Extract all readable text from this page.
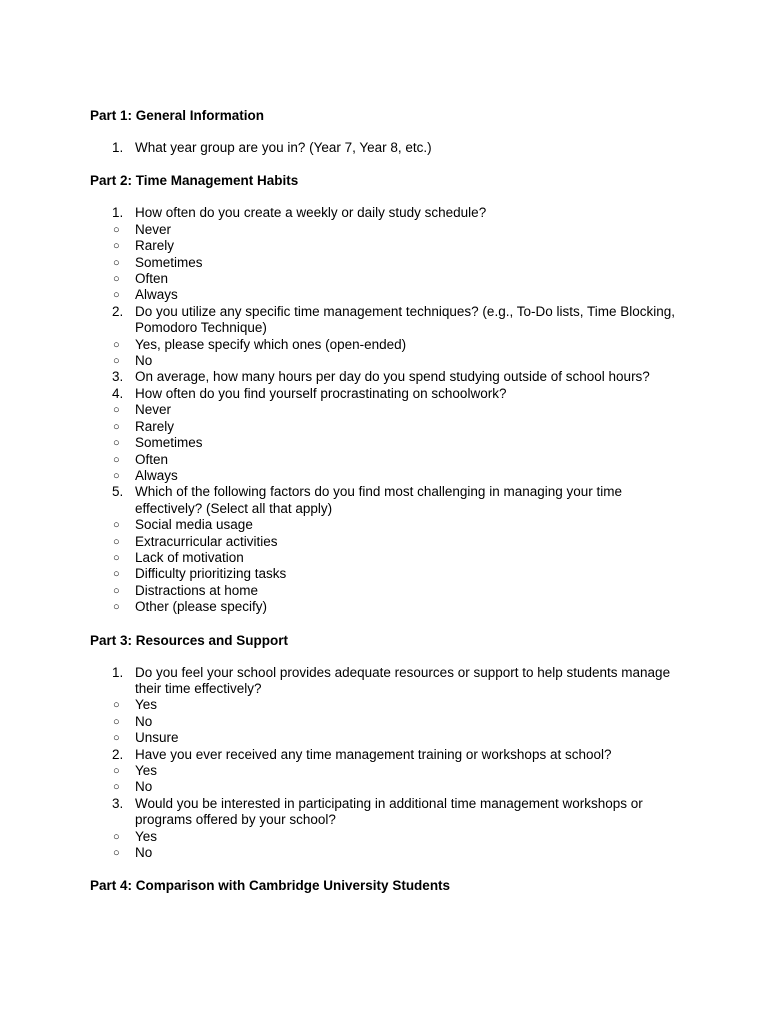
Part 1: General Information
1. What year group are you in? (Year 7, Year 8, etc.)
Part 2: Time Management Habits
1. How often do you create a weekly or daily study schedule?
○ Never
○ Rarely
○ Sometimes
○ Often
○ Always
2. Do you utilize any specific time management techniques? (e.g., To-Do lists, Time Blocking, Pomodoro Technique)
○ Yes, please specify which ones (open-ended)
○ No
3. On average, how many hours per day do you spend studying outside of school hours?
4. How often do you find yourself procrastinating on schoolwork?
○ Never
○ Rarely
○ Sometimes
○ Often
○ Always
5. Which of the following factors do you find most challenging in managing your time effectively? (Select all that apply)
○ Social media usage
○ Extracurricular activities
○ Lack of motivation
○ Difficulty prioritizing tasks
○ Distractions at home
○ Other (please specify)
Part 3: Resources and Support
1. Do you feel your school provides adequate resources or support to help students manage their time effectively?
○ Yes
○ No
○ Unsure
2. Have you ever received any time management training or workshops at school?
○ Yes
○ No
3. Would you be interested in participating in additional time management workshops or programs offered by your school?
○ Yes
○ No
Part 4: Comparison with Cambridge University Students
